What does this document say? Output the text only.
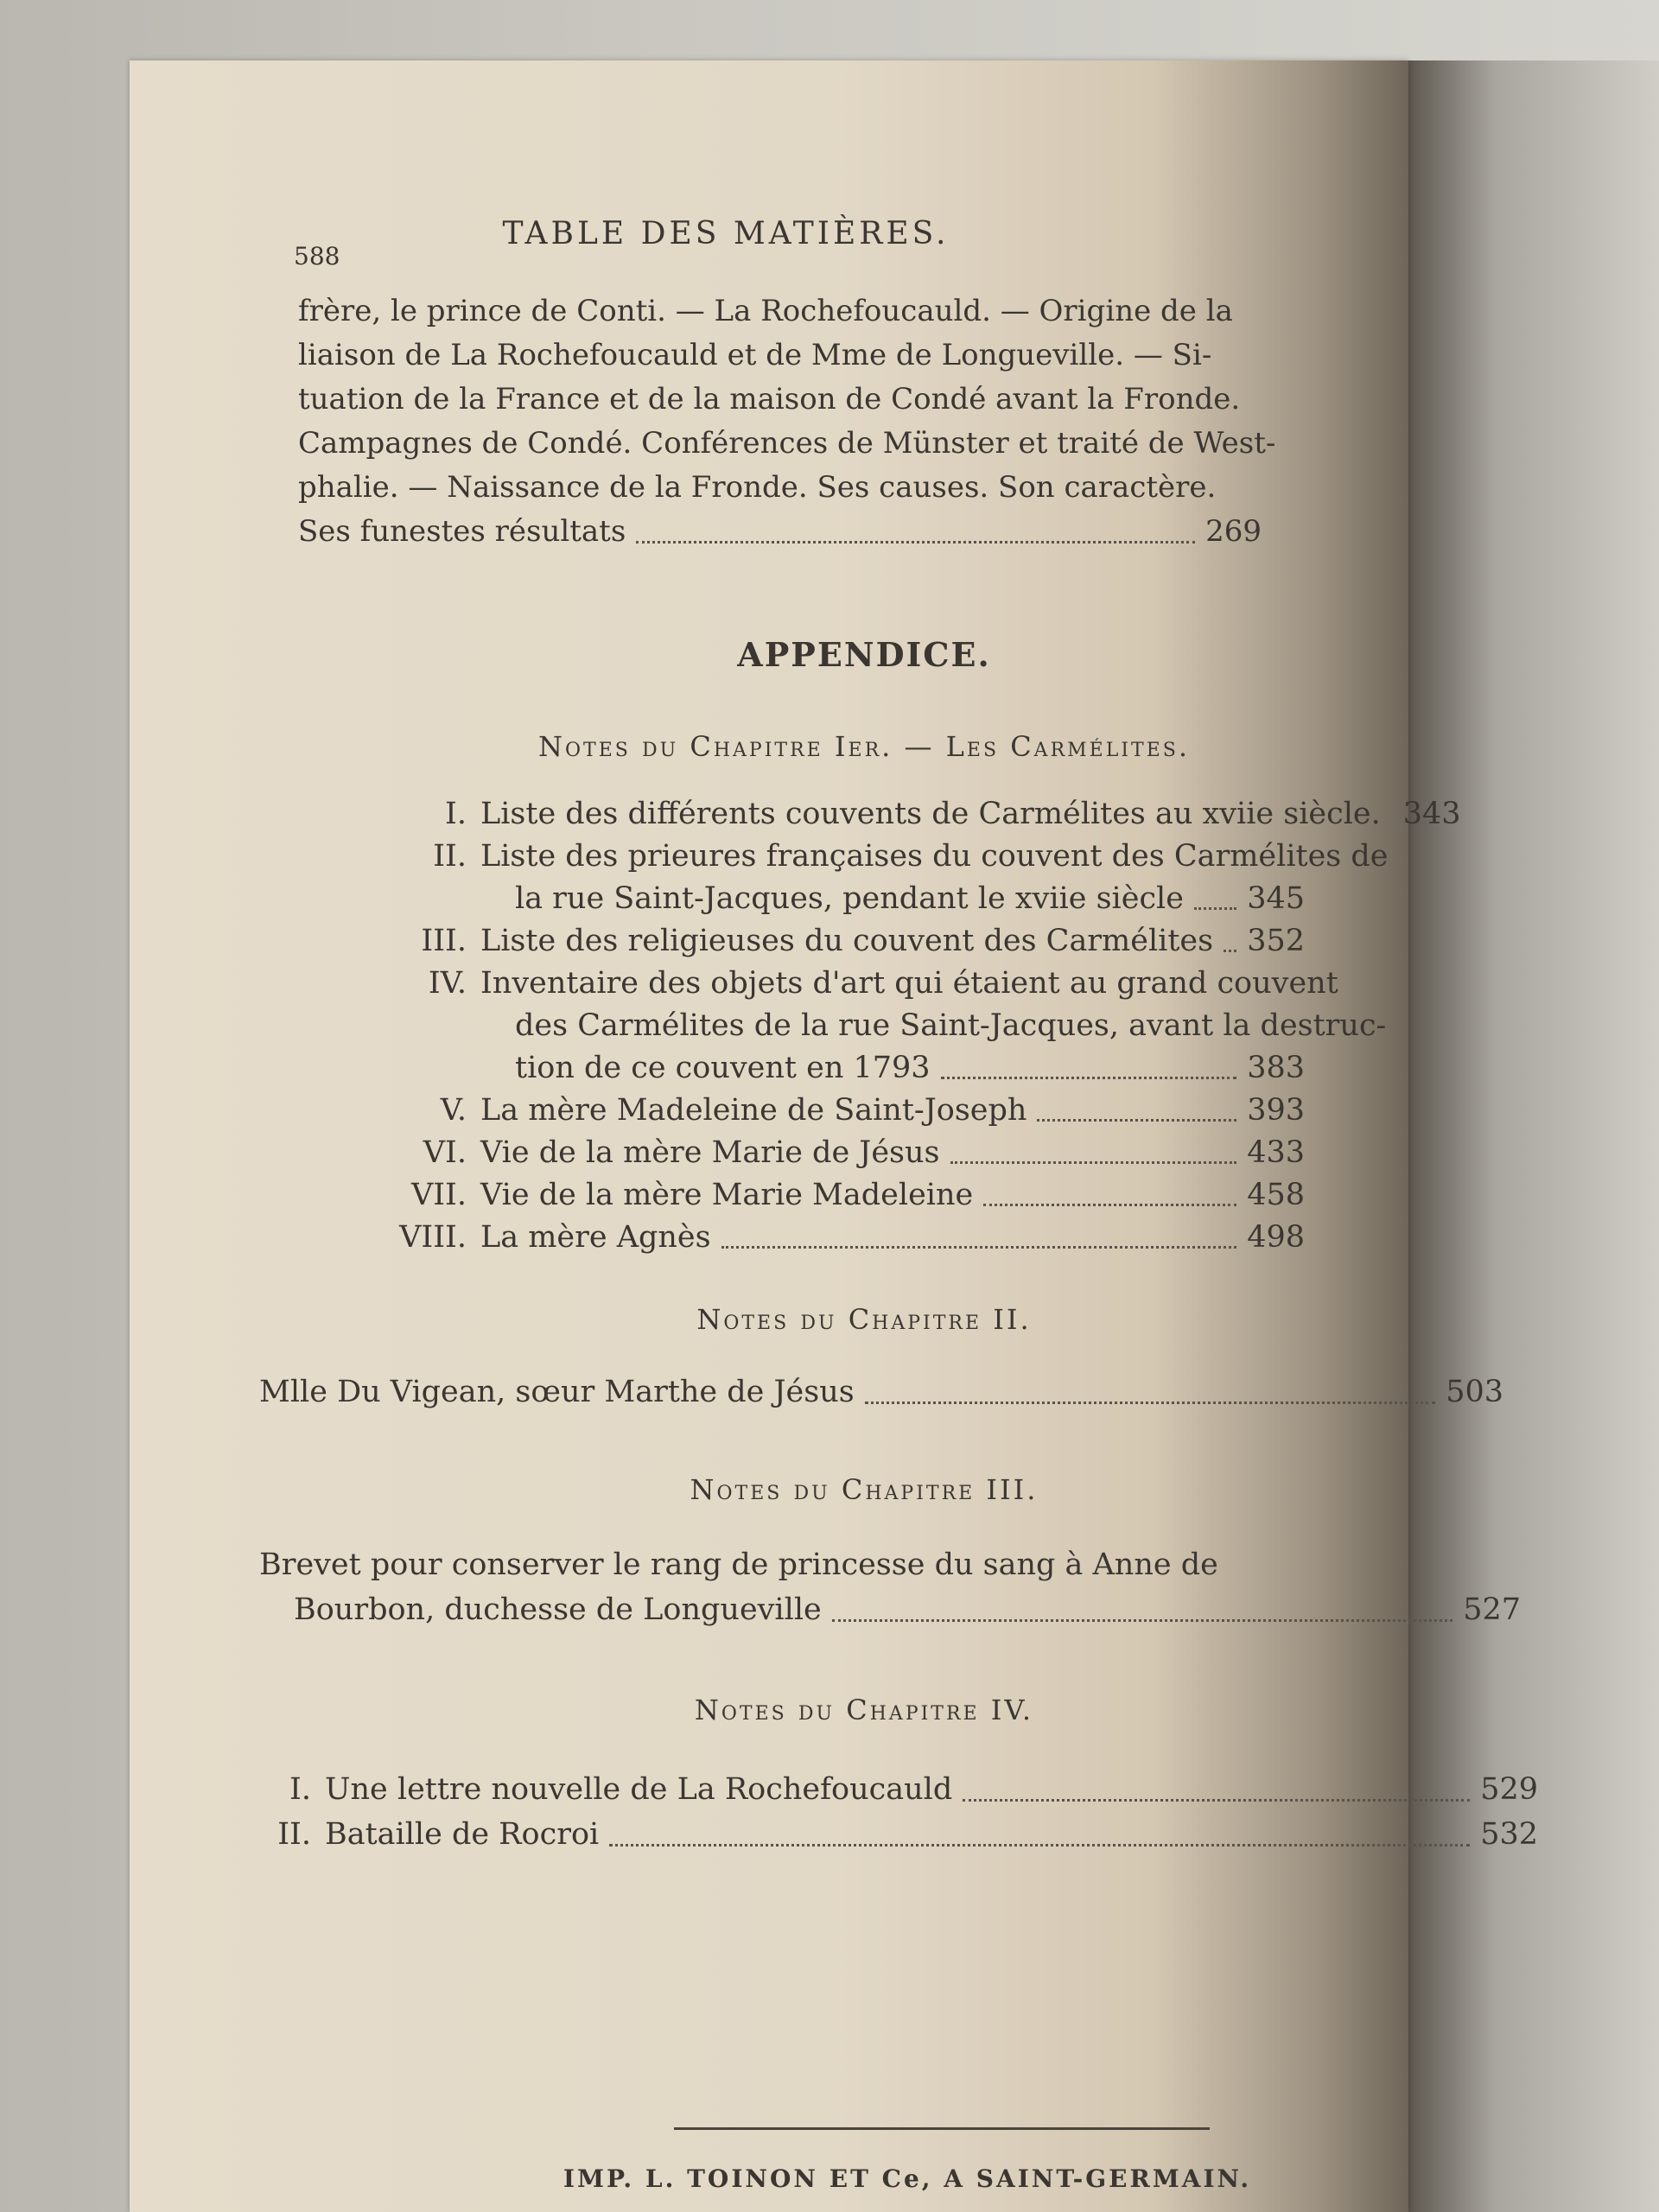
588
TABLE DES MATIÈRES.
frère, le prince de Conti. — La Rochefoucauld. — Origine de la
liaison de La Rochefoucauld et de Mme de Longueville. — Si-
tuation de la France et de la maison de Condé avant la Fronde.
Campagnes de Condé. Conférences de Münster et traité de West-
phalie. — Naissance de la Fronde. Ses causes. Son caractère.
Ses funestes résultats	269
APPENDICE.
Notes du Chapitre Ier. — Les Carmélites.
I. Liste des différents couvents de Carmélites au xviie siècle. 343
II. Liste des prieures françaises du couvent des Carmélites de
la rue Saint-Jacques, pendant le xviie siècle 345
III. Liste des religieuses du couvent des Carmélites 352
IV. Inventaire des objets d'art qui étaient au grand couvent
des Carmélites de la rue Saint-Jacques, avant la destruc-
tion de ce couvent en 1793	383
V. La mère Madeleine de Saint-Joseph	393
VI. Vie de la mère Marie de Jésus	433
VII. Vie de la mère Marie Madeleine	458
VIII. La mère Agnès	498
Notes du Chapitre II.
Mlle Du Vigean, sœur Marthe de Jésus	503
Notes du Chapitre III.
Brevet pour conserver le rang de princesse du sang à Anne de
Bourbon, duchesse de Longueville	527
Notes du Chapitre IV.
I. Une lettre nouvelle de La Rochefoucauld	529
II. Bataille de Rocroi	532
IMP. L. TOINON ET Ce, A SAINT-GERMAIN.
